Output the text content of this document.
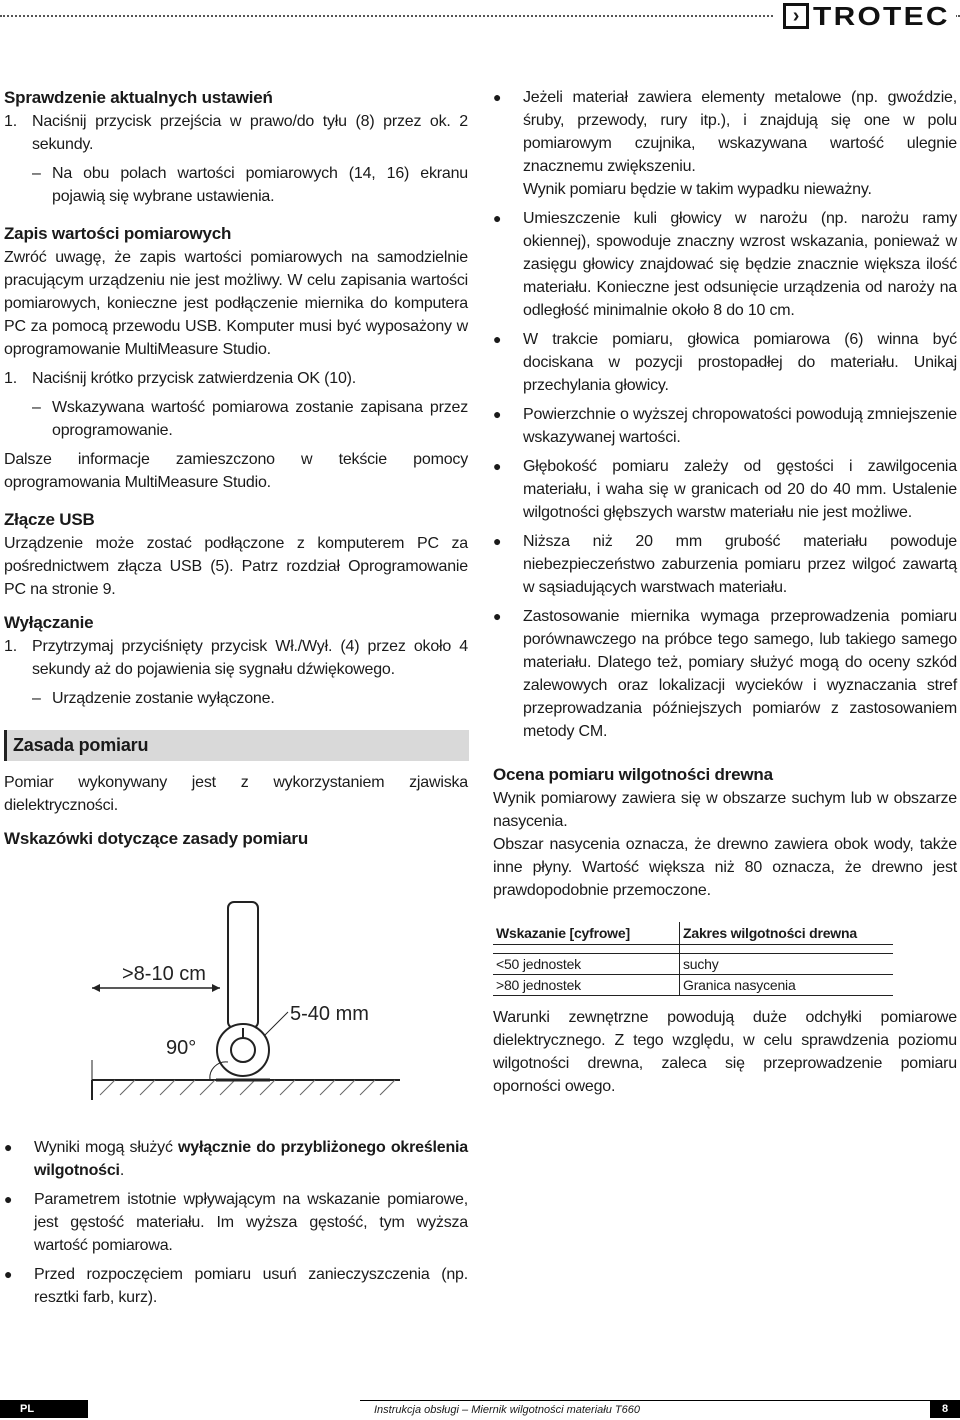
› TROTEC
Sprawdzenie aktualnych ustawień
1. Naciśnij przycisk przejścia w prawo/do tyłu (8) przez ok. 2 sekundy.
– Na obu polach wartości pomiarowych (14, 16) ekranu pojawią się wybrane ustawienia.
Zapis wartości pomiarowych

Zwróć uwagę, że zapis wartości pomiarowych na samodzielnie pracującym urządzeniu nie jest możliwy. W celu zapisania wartości pomiarowych, konieczne jest podłączenie miernika do komputera PC za pomocą przewodu USB. Komputer musi być wyposażony w oprogramowanie MultiMeasure Studio.

1. Naciśnij krótko przycisk zatwierdzenia OK (10).
– Wskazywana wartość pomiarowa zostanie zapisana przez oprogramowanie.

Dalsze informacje zamieszczono w tekście pomocy oprogramowania MultiMeasure Studio.

Złącze USB

Urządzenie może zostać podłączone z komputerem PC za pośrednictwem złącza USB (5). Patrz rozdział Oprogramowanie PC na stronie 9.

Wyłączanie
1. Przytrzymaj przyciśnięty przycisk Wł./Wył. (4) przez około 4 sekundy aż do pojawienia się sygnału dźwiękowego.
– Urządzenie zostanie wyłączone.
Zasada pomiaru

Pomiar wykonywany jest z wykorzystaniem zjawiska dielektryczności.

Wskazówki dotyczące zasady pomiaru
>8-10 cm
5-40 mm
90°
●	Wyniki mogą służyć wyłącznie do przybliżonego określenia wilgotności.
●	Parametrem istotnie wpływającym na wskazanie pomiarowe, jest gęstość materiału. Im wyższa gęstość, tym wyższa wartość pomiarowa.
●	Przed rozpoczęciem pomiaru usuń zanieczyszczenia (np. resztki farb, kurz).
●	Jeżeli materiał zawiera elementy metalowe (np. gwoździe, śruby, przewody, rury itp.), i znajdują się one w polu pomiarowym czujnika, wskazywana wartość ulegnie znacznemu zwiększeniu.
Wynik pomiaru będzie w takim wypadku nieważny.
●	Umieszczenie kuli głowicy w narożu (np. narożu ramy okiennej), spowoduje znaczny wzrost wskazania, ponieważ w zasięgu głowicy znajdować się będzie znacznie większa ilość materiału. Konieczne jest odsunięcie urządzenia od naroży na odległość minimalnie około 8 do 10 cm.
●	W trakcie pomiaru, głowica pomiarowa (6) winna być dociskana w pozycji prostopadłej do materiału. Unikaj przechylania głowicy.
●	Powierzchnie o wyższej chropowatości powodują zmniejszenie wskazywanej wartości.
●	Głębokość pomiaru zależy od gęstości i zawilgocenia materiału, i waha się w granicach od 20 do 40 mm. Ustalenie wilgotności głębszych warstw materiału nie jest możliwe.
●	Niższa niż 20 mm grubość materiału powoduje niebezpieczeństwo zaburzenia pomiaru przez wilgoć zawartą w sąsiadujących warstwach materiału.
●	Zastosowanie miernika wymaga przeprowadzenia pomiaru porównawczego na próbce tego samego, lub takiego samego materiału. Dlatego też, pomiary służyć mogą do oceny szkód zalewowych oraz lokalizacji wycieków i wyznaczania stref przeprowadzania późniejszych pomiarów z zastosowaniem metody CM.
Ocena pomiaru wilgotności drewna

Wynik pomiarowy zawiera się w obszarze suchym lub w obszarze nasycenia.

Obszar nasycenia oznacza, że drewno zawiera obok wody, także inne płyny. Wartość większa niż 80 oznacza, że drewno jest prawdopodobnie przemoczone.

Wskazanie [cyfrowe]	Zakres wilgotności drewna

<50 jednostek	suchy
>80 jednostek	Granica nasycenia

Warunki zewnętrzne powodują duże odchyłki pomiarowe dielektrycznego. Z tego względu, w celu sprawdzenia poziomu wilgotności drewna, zaleca się przeprowadzenie pomiaru oporności owego.

PL	Instrukcja obsługi – Miernik wilgotności materiału T660	8
